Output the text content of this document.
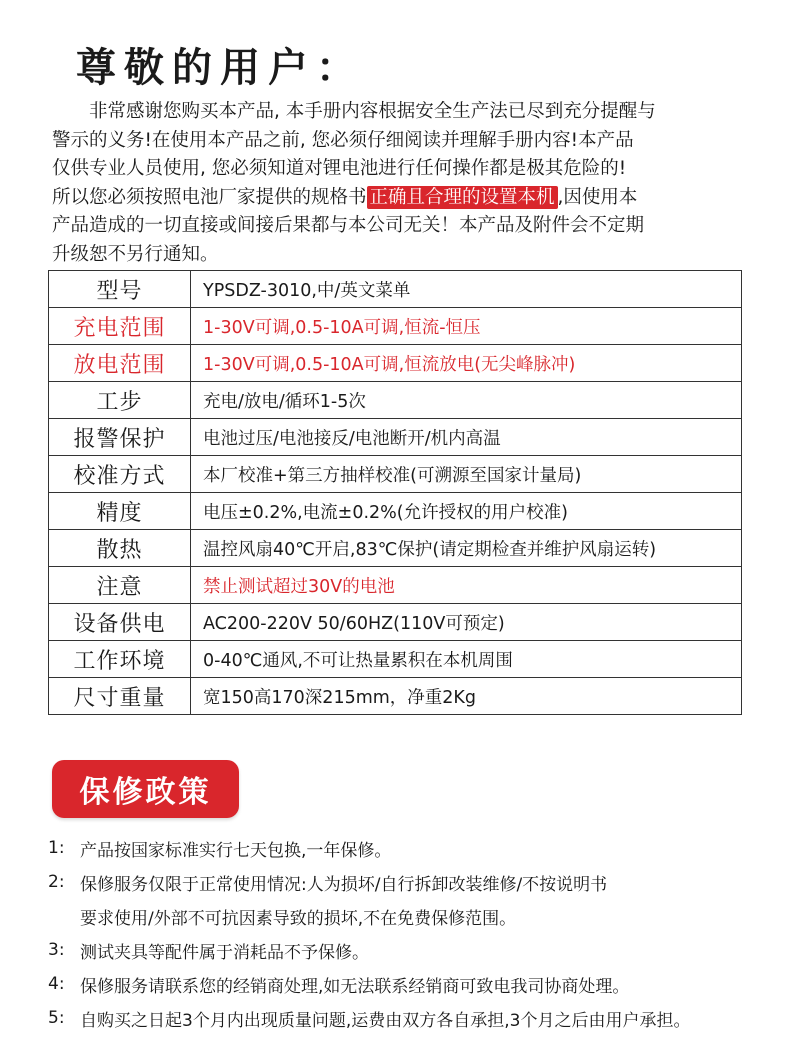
尊敬的用户：

非常感谢您购买本产品, 本手册内容根据安全生产法已尽到充分提醒与

警示的义务!在使用本产品之前, 您必须仔细阅读并理解手册内容!本产品

仅供专业人员使用, 您必须知道对锂电池进行任何操作都是极其危险的!

所以您必须按照电池厂家提供的规格书 正确且合理的设置本机 ,因使用本

产品造成的一切直接或间接后果都与本公司无关！本产品及附件会不定期

升级恕不另行通知。

型号	YPSDZ-3010,中/英文菜单
充电范围	1-30V可调,0.5-10A可调,恒流-恒压
放电范围	1-30V可调,0.5-10A可调,恒流放电(无尖峰脉冲)
工步	充电/放电/循环1-5次
报警保护	电池过压/电池接反/电池断开/机内高温
校准方式	本厂校准+第三方抽样校准(可溯源至国家计量局)
精度	电压±0.2%,电流±0.2%(允许授权的用户校准)
散热	温控风扇40℃开启,83℃保护(请定期检查并维护风扇运转)
注意	禁止测试超过30V的电池
设备供电	AC200-220V 50/60HZ(110V可预定)
工作环境	0-40℃通风,不可让热量累积在本机周围
尺寸重量	宽150高170深215mm，净重2Kg
保修政策
1: 产品按国家标准实行七天包换,一年保修。
2: 保修服务仅限于正常使用情况:人为损坏/自行拆卸改装维修/不按说明书
要求使用/外部不可抗因素导致的损坏,不在免费保修范围。
3: 测试夹具等配件属于消耗品不予保修。
4: 保修服务请联系您的经销商处理,如无法联系经销商可致电我司协商处理。
5: 自购买之日起3个月内出现质量问题,运费由双方各自承担,3个月之后由用户承担。
